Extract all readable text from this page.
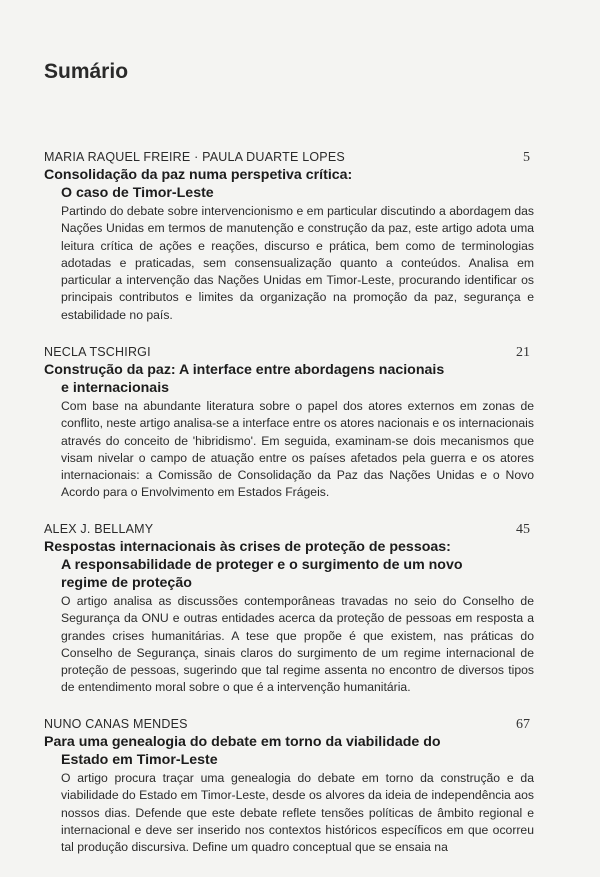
Sumário
MARIA RAQUEL FREIRE · PAULA DUARTE LOPES	5
Consolidação da paz numa perspetiva crítica:
O caso de Timor-Leste
Partindo do debate sobre intervencionismo e em particular discutindo a abordagem das Nações Unidas em termos de manutenção e construção da paz, este artigo adota uma leitura crítica de ações e reações, discurso e prática, bem como de terminologias adotadas e praticadas, sem consensualização quanto a conteúdos. Analisa em particular a intervenção das Nações Unidas em Timor-Leste, procurando identificar os principais contributos e limites da organização na promoção da paz, segurança e estabilidade no país.
NECLA TSCHIRGI	21
Construção da paz: A interface entre abordagens nacionais
e internacionais
Com base na abundante literatura sobre o papel dos atores externos em zonas de conflito, neste artigo analisa-se a interface entre os atores nacionais e os internacionais através do conceito de 'hibridismo'. Em seguida, examinam-se dois mecanismos que visam nivelar o campo de atuação entre os países afetados pela guerra e os atores internacionais: a Comissão de Consolidação da Paz das Nações Unidas e o Novo Acordo para o Envolvimento em Estados Frágeis.
ALEX J. BELLAMY	45
Respostas internacionais às crises de proteção de pessoas:
A responsabilidade de proteger e o surgimento de um novo
regime de proteção
O artigo analisa as discussões contemporâneas travadas no seio do Conselho de Segurança da ONU e outras entidades acerca da proteção de pessoas em resposta a grandes crises humanitárias. A tese que propõe é que existem, nas práticas do Conselho de Segurança, sinais claros do surgimento de um regime internacional de proteção de pessoas, sugerindo que tal regime assenta no encontro de diversos tipos de entendimento moral sobre o que é a intervenção humanitária.
NUNO CANAS MENDES	67
Para uma genealogia do debate em torno da viabilidade do
Estado em Timor-Leste
O artigo procura traçar uma genealogia do debate em torno da construção e da viabilidade do Estado em Timor-Leste, desde os alvores da ideia de independência aos nossos dias. Defende que este debate reflete tensões políticas de âmbito regional e internacional e deve ser inserido nos contextos históricos específicos em que ocorreu tal produção discursiva. Define um quadro conceptual que se ensaia na
